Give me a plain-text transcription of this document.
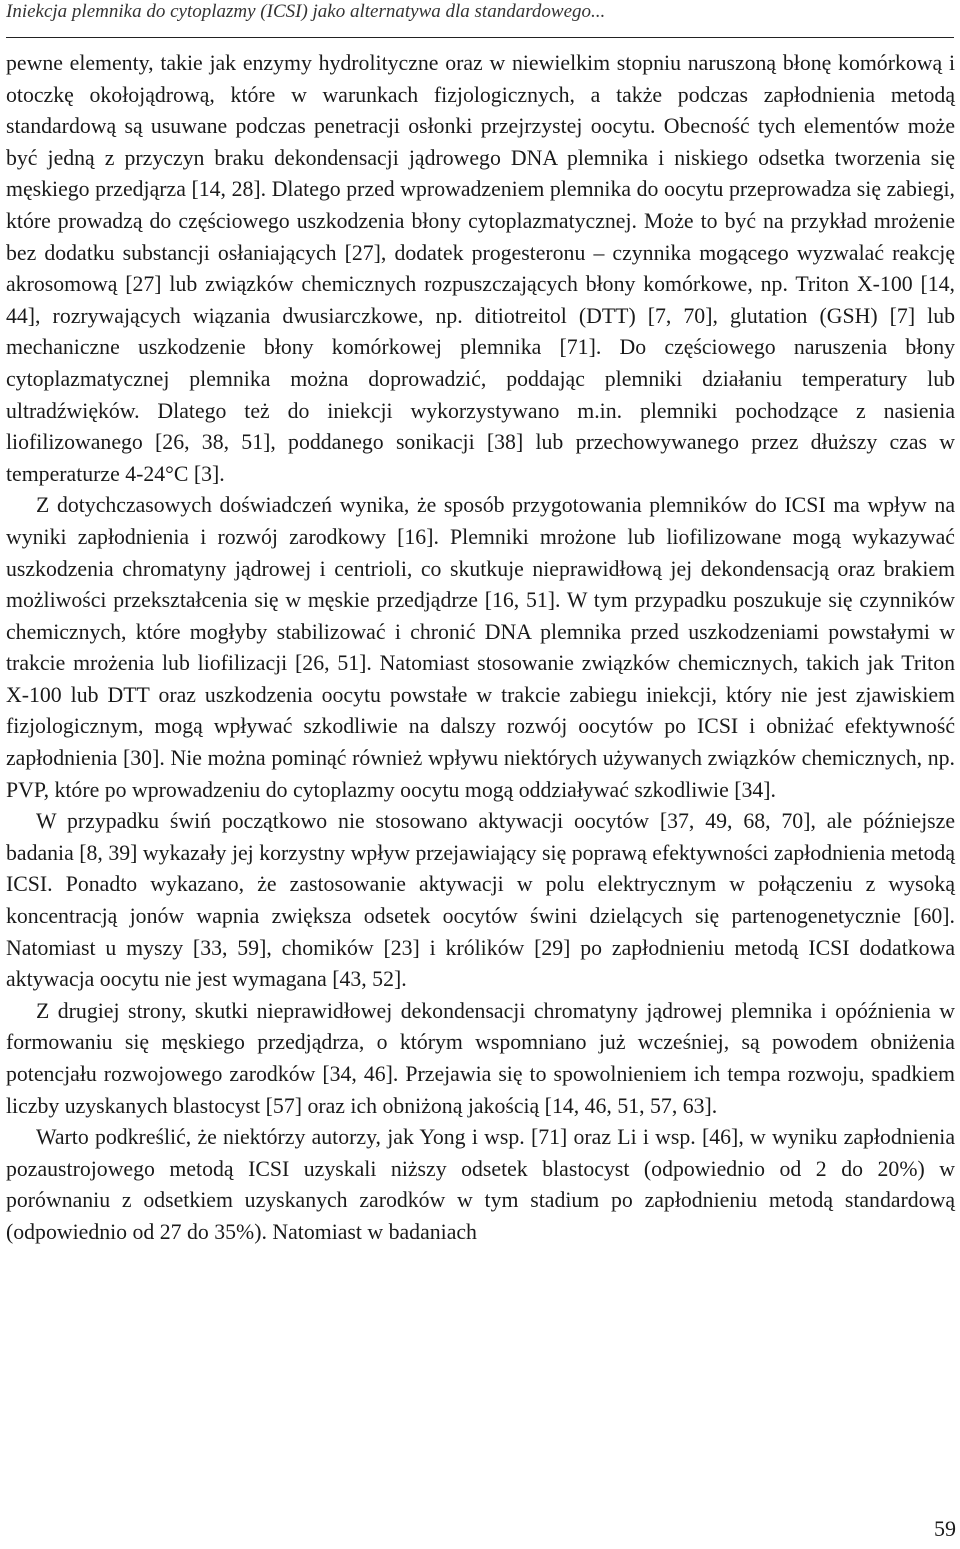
Iniekcja plemnika do cytoplazmy (ICSI) jako alternatywa dla standardowego...

pewne elementy, takie jak enzymy hydrolityczne oraz w niewielkim stopniu naruszoną błonę komórkową i otoczkę okołojądrową, które w warunkach fizjologicznych, a także podczas zapłodnienia metodą standardową są usuwane podczas penetracji osłonki przejrzystej oocytu. Obecność tych elementów może być jedną z przyczyn braku dekondensacji jądrowego DNA plemnika i niskiego odsetka tworzenia się męskiego przedjąrza [14, 28]. Dlatego przed wprowadzeniem plemnika do oocytu przeprowadza się zabiegi, które prowadzą do częściowego uszkodzenia błony cytoplazmatycznej. Może to być na przykład mrożenie bez dodatku substancji osłaniających [27], dodatek progesteronu – czynnika mogącego wyzwalać reakcję akrosomową [27] lub związków chemicznych rozpuszczających błony komórkowe, np. Triton X-100 [14, 44], rozrywających wiązania dwusiarczkowe, np. ditiotreitol (DTT) [7, 70], glutation (GSH) [7] lub mechaniczne uszkodzenie błony komórkowej plemnika [71]. Do częściowego naruszenia błony cytoplazmatycznej plemnika można doprowadzić, poddając plemniki działaniu temperatury lub ultradźwięków. Dlatego też do iniekcji wykorzystywano m.in. plemniki pochodzące z nasienia liofilizowanego [26, 38, 51], poddanego sonikacji [38] lub przechowywanego przez dłuższy czas w temperaturze 4-24°C [3].

Z dotychczasowych doświadczeń wynika, że sposób przygotowania plemników do ICSI ma wpływ na wyniki zapłodnienia i rozwój zarodkowy [16]. Plemniki mrożone lub liofilizowane mogą wykazywać uszkodzenia chromatyny jądrowej i centrioli, co skutkuje nieprawidłową jej dekondensacją oraz brakiem możliwości przekształcenia się w męskie przedjądrze [16, 51]. W tym przypadku poszukuje się czynników chemicznych, które mogłyby stabilizować i chronić DNA plemnika przed uszkodzeniami powstałymi w trakcie mrożenia lub liofilizacji [26, 51]. Natomiast stosowanie związków chemicznych, takich jak Triton X-100 lub DTT oraz uszkodzenia oocytu powstałe w trakcie zabiegu iniekcji, który nie jest zjawiskiem fizjologicznym, mogą wpływać szkodliwie na dalszy rozwój oocytów po ICSI i obniżać efektywność zapłodnienia [30]. Nie można pominąć również wpływu niektórych używanych związków chemicznych, np. PVP, które po wprowadzeniu do cytoplazmy oocytu mogą oddziaływać szkodliwie [34].

W przypadku świń początkowo nie stosowano aktywacji oocytów [37, 49, 68, 70], ale późniejsze badania [8, 39] wykazały jej korzystny wpływ przejawiający się poprawą efektywności zapłodnienia metodą ICSI. Ponadto wykazano, że zastosowanie aktywacji w polu elektrycznym w połączeniu z wysoką koncentracją jonów wapnia zwiększa odsetek oocytów świni dzielących się partenogenetycznie [60]. Natomiast u myszy [33, 59], chomików [23] i królików [29] po zapłodnieniu metodą ICSI dodatkowa aktywacja oocytu nie jest wymagana [43, 52].

Z drugiej strony, skutki nieprawidłowej dekondensacji chromatyny jądrowej plemnika i opóźnienia w formowaniu się męskiego przedjądrza, o którym wspomniano już wcześniej, są powodem obniżenia potencjału rozwojowego zarodków [34, 46]. Przejawia się to spowolnieniem ich tempa rozwoju, spadkiem liczby uzyskanych blastocyst [57] oraz ich obniżoną jakością [14, 46, 51, 57, 63].

Warto podkreślić, że niektórzy autorzy, jak Yong i wsp. [71] oraz Li i wsp. [46], w wyniku zapłodnienia pozaustrojowego metodą ICSI uzyskali niższy odsetek blastocyst (odpowiednio od 2 do 20%) w porównaniu z odsetkiem uzyskanych zarodków w tym stadium po zapłodnieniu metodą standardową (odpowiednio od 27 do 35%). Natomiast w badaniach

59
